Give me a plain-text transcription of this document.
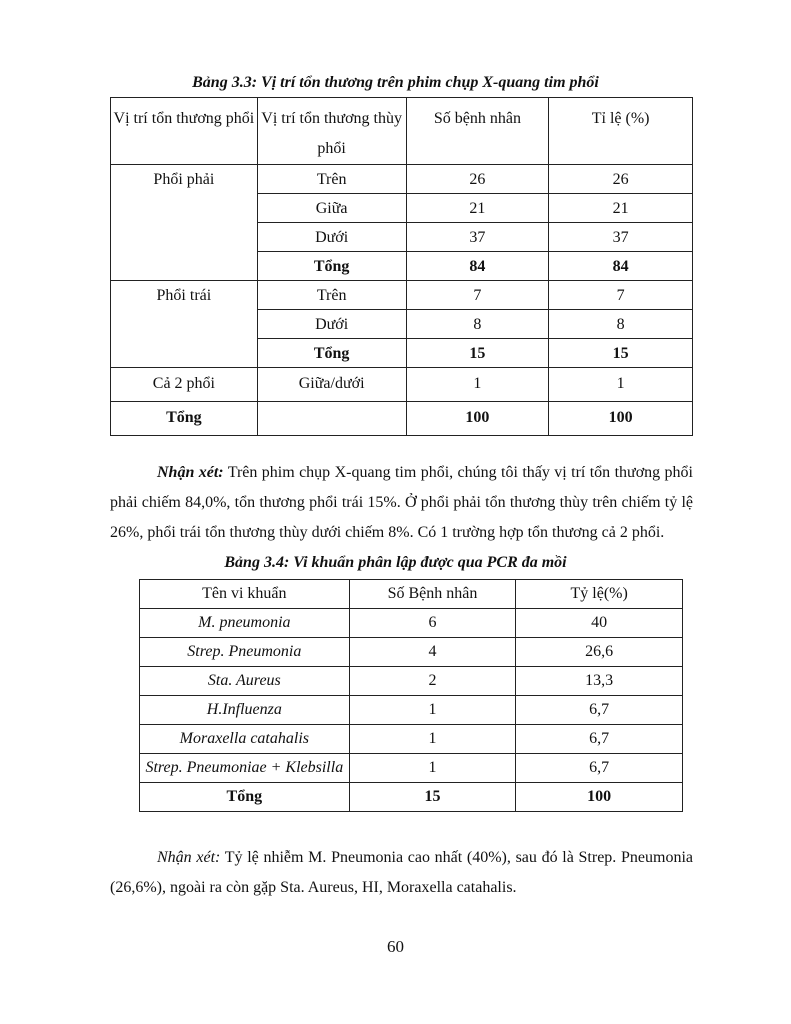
Bảng 3.3: Vị trí tổn thương trên phim chụp X-quang tim phổi
Vị trí tổn thương phổi	Vị trí tổn thương thùy phổi	Số bệnh nhân	Tỉ lệ (%)
Phổi phải	Trên	26	26
	Giữa	21	21
	Dưới	37	37
	Tổng	84	84
Phổi trái	Trên	7	7
	Dưới	8	8
	Tổng	15	15
Cả 2 phổi	Giữa/dưới	1	1
Tổng		100	100
Nhận xét: Trên phim chụp X-quang tim phổi, chúng tôi thấy vị trí tổn thương phổi phải chiếm 84,0%, tổn thương phổi trái 15%. Ở phổi phải tổn thương thùy trên chiếm tỷ lệ 26%, phổi trái tổn thương thùy dưới chiếm 8%. Có 1 trường hợp tổn thương cả 2 phổi.
Bảng 3.4: Vi khuẩn phân lập được qua PCR đa mồi
Tên vi khuẩn	Số Bệnh nhân	Tỷ lệ(%)
M. pneumonia	6	40
Strep. Pneumonia	4	26,6
Sta. Aureus	2	13,3
H.Influenza	1	6,7
Moraxella catahalis	1	6,7
Strep. Pneumoniae + Klebsilla	1	6,7
Tổng	15	100
Nhận xét: Tỷ lệ nhiễm M. Pneumonia cao nhất (40%), sau đó là Strep. Pneumonia (26,6%), ngoài ra còn gặp Sta. Aureus, HI, Moraxella catahalis.
60
